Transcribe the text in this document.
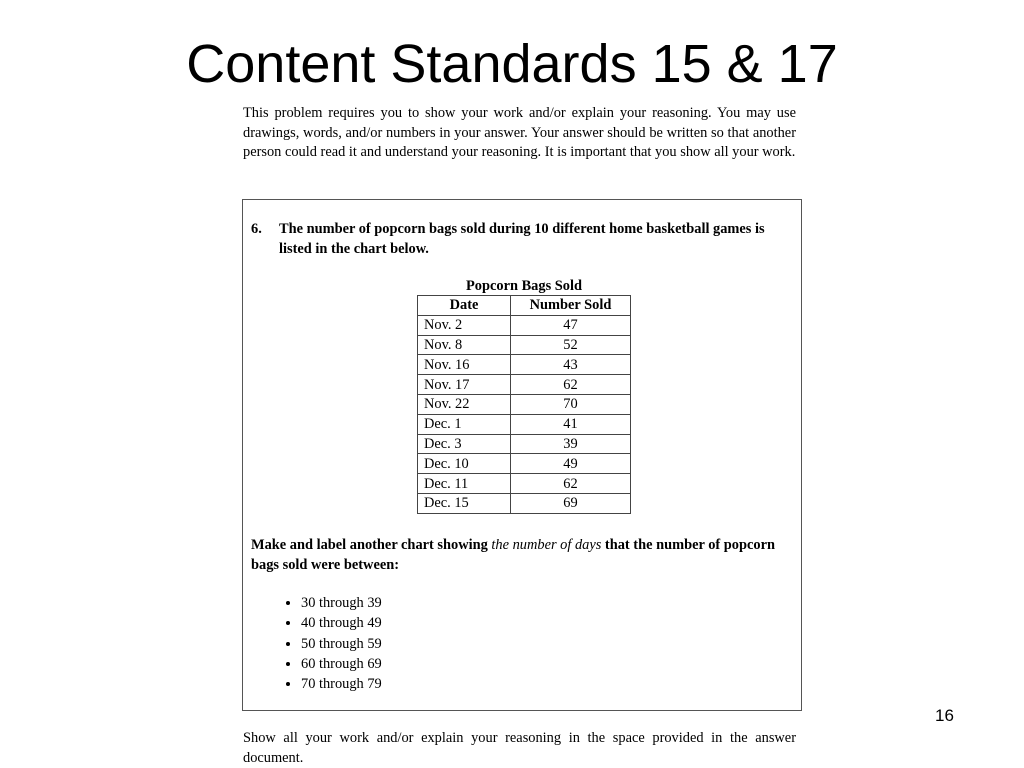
Content Standards 15 & 17

This problem requires you to show your work and/or explain your reasoning. You may use drawings, words, and/or numbers in your answer. Your answer should be written so that another person could read it and understand your reasoning. It is important that you show all your work.

6. The number of popcorn bags sold during 10 different home basketball games is listed in the chart below.

Popcorn Bags Sold
Date	Number Sold
Nov. 2	47
Nov. 8	52
Nov. 16	43
Nov. 17	62
Nov. 22	70
Dec. 1	41
Dec. 3	39
Dec. 10	49
Dec. 11	62
Dec. 15	69

Make and label another chart showing the number of days that the number of popcorn bags sold were between:

• 30 through 39
• 40 through 49
• 50 through 59
• 60 through 69
• 70 through 79
16

Show all your work and/or explain your reasoning in the space provided in the answer document.
